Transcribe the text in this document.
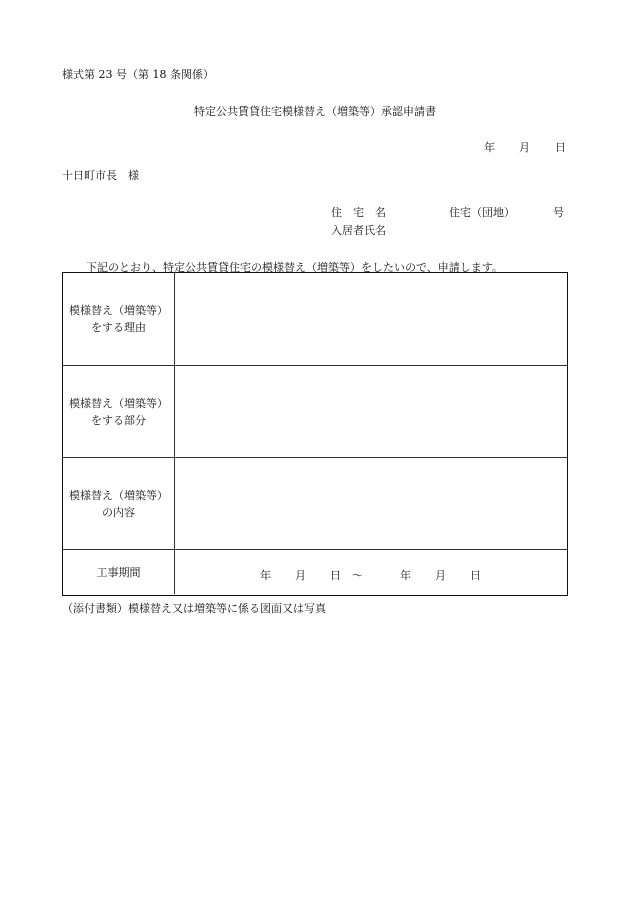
様式第 23 号（第 18 条関係）
特定公共賃貸住宅模様替え（増築等）承認申請書
年 月 日
十日町市長　様
住　宅　名	住宅（団地）	号
入居者氏名
下記のとおり、特定公共賃貸住宅の模様替え（増築等）をしたいので、申請します。
模様替え（増築等）
をする理由
模様替え（増築等）
をする部分
模様替え（増築等）
の内容
工事期間	年 月 日 ～	年 月 日
（添付書類）模様替え又は増築等に係る図面又は写真
